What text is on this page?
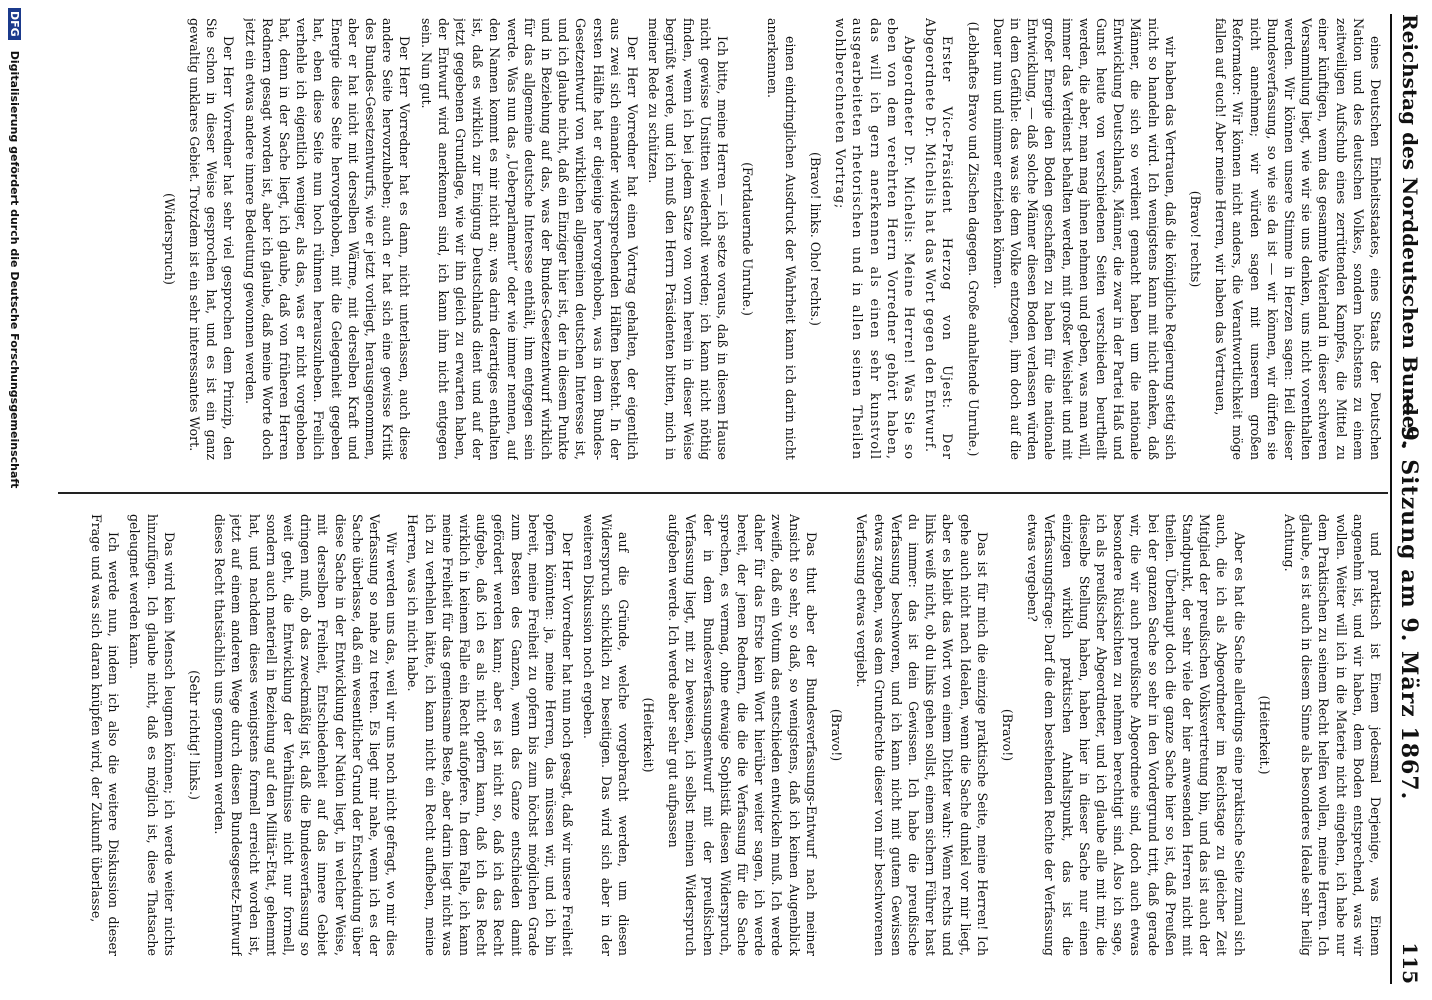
Reichstag des Norddeutschen Bundes.
— 9. Sitzung am 9. März 1867.
115

eines Deutschen Einheitsstaates, eines Staats der Deutschen Nation und des deutschen Volkes, sondern höchstens zu einem zeitweiligen Aufschub eines zerrüttenden Kampfes, die Mittel zu einer künftigen, wenn das gesammte Vaterland in dieser schweren Versammlung liegt, wie wir sie uns denken, uns nicht vorenthalten werden. Wir können unsere Stimme in Herzen sagen: Heil dieser Bundesverfassung, so wie sie da ist — wir können, wir dürfen sie nicht annehmen; wir würden sagen mit unserem großen Reformator: Wir können nicht anders, die Verantwortlichkeit möge fallen auf euch! Aber meine Herren, wir haben das Vertrauen,

(Bravo! rechts)

wir haben das Vertrauen, daß die königliche Regierung stetig sich nicht so handeln wird. Ich wenigstens kann mit nicht denken, daß Männer, die sich so verdient gemacht haben um die nationale Entwicklung Deutschlands, Männer, die zwar in der Partei Haß und Gunst heute von verschiedenen Seiten verschieden beurtheilt werden, die aber, man mag ihnen nehmen und geben, was man will, immer das Verdienst behalten werden, mit großer Weisheit und mit großer Energie den Boden geschaffen zu haben für die nationale Entwicklung, — daß solche Männer diesen Boden verlassen würden in dem Gefühle: das was sie dem Volke entzogen, ihm doch auf die Dauer nun und nimmer entziehen können.

(Lebhaftes Bravo und Zischen dagegen. Große anhaltende Unruhe.)

Erster Vice-Präsident Herzog von Ujest: Der Abgeordnete Dr. Michelis hat das Wort gegen den Entwurf.

Abgeordneter Dr. Michelis: Meine Herren! Was Sie so eben von dem verehrten Herrn Vorredner gehört haben, das will ich gern anerkennen als einen sehr kunstvoll ausgearbeiteten rhetorischen und in allen seinen Theilen wohlberechneten Vortrag;

(Bravo! links. Oho! rechts.)

einen eindringlichen Ausdruck der Wahrheit kann ich darin nicht anerkennen.

(Fortdauernde Unruhe.)

Ich bitte, meine Herren — ich setze voraus, daß in diesem Hause nicht gewisse Unsitten wiederholt werden; ich kann nicht nöthig finden, wenn ich bei jedem Satze von vorn herein in dieser Weise begrüßt werde, und ich muß den Herrn Präsidenten bitten, mich in meiner Rede zu schützen.

Der Herr Vorredner hat einen Vortrag gehalten, der eigentlich aus zwei sich einander widersprechenden Hälften besteht. In der ersten Hälfte hat er diejenige hervorgehoben, was in dem Bundes-Gesetzentwurf von wirklichen allgemeinen deutschen Interesse ist, und ich glaube nicht, daß ein Einziger hier ist, der in diesem Punkte und in Beziehung auf das, was der Bundes-Gesetzentwurf wirklich für das allgemeine deutsche Interesse enthält, ihm entgegen sein werde. Was nun das „Ueberparlament“ oder wie immer nennen, auf den Namen kommt es mir nicht an; was darin derartiges enthalten ist, daß es wirklich zur Einigung Deutschlands dient und auf der jetzt gegebenen Grundlage, wie wir ihn gleich zu erwarten haben, der Entwurf wird anerkennen sind, ich kann ihm nicht entgegen sein. Nun gut.

Der Herr Vorredner hat es dann, nicht unterlassen, auch diese andere Seite hervorzuheben; auch er hat sich eine gewisse Kritik des Bundes-Gesetzentwurfs, wie er jetzt vorliegt, herausgenommen, aber er hat nicht mit derselben Wärme, mit derselben Kraft und Energie diese Seite hervorgehoben, mit die Gelegenheit gegeben hat, eben diese Seite nun hoch rühmen herauszuheben. Freilich verhehle ich eigentlich weniger, als das, was er nicht vorgehoben hat, denn in der Sache liegt, ich glaube, daß von früheren Herren Rednern gesagt worden ist, aber ich glaube, daß meine Worte doch jetzt ein etwas andere innere Bedeutung gewonnen werden.

Der Herr Vorredner hat sehr viel gesprochen dem Prinzip, den Sie schon in dieser Weise gesprochen hat, und es ist ein ganz gewaltig unklares Gebiet. Trotzdem ist ein sehr interessantes Wort.

(Widerspruch)

und praktisch ist Einem jedesmal Derjenige, was Einem angenehm ist, und wir haben, dem Boden entsprechend, was wir wollen. Weiter will ich in die Materie nicht eingehen, ich habe nur dem Praktischen zu seinem Recht helfen wollen, meine Herren. Ich glaube, es ist auch in diesem Sinne als besonderes Ideale sehr heilig Achtung.

(Heiterkeit.)

Aber es hat die Sache allerdings eine praktische Seite zumal sich auch, die ich als Abgeordneter im Reichstage zu gleicher Zeit Mitglied der preußischen Volksvertretung bin, und das ist auch der Standpunkt, der sehr viele der hier anwesenden Herren nicht mit theilen. Überhaupt doch die ganze Sache hier so ist, daß Preußen bei der ganzen Sache so sehr in den Vordergrund tritt, daß gerade wir, die wir auch preußische Abgeordnete sind, doch auch etwas besondere Rücksichten zu nehmen berechtigt sind. Also ich sage, ich als preußischer Abgeordneter, und ich glaube alle mit mir, die dieselbe Stellung haben, haben hier in dieser Sache nur einen einzigen wirklich praktischen Anhaltspunkt, das ist die Verfassungsfrage: Darf die dem bestehenden Rechte der Verfassung etwas vergeben?

(Bravo!)

Das ist für mich die einzige praktische Seite, meine Herren! Ich gehe auch nicht nach Idealen, wenn die Sache dunkel vor mir liegt, aber es bleibt das Wort von einem Dichter wahr: Wenn rechts und links weiß nicht, ob du links gehen sollst, einem sichern Führer hast du immer: das ist dein Gewissen. Ich habe die preußische Verfassung beschworen, und ich kann nicht mit gutem Gewissen etwas zugeben, was dem Grundrechte dieser von mir beschworenen Verfassung etwas vergiebt.

(Bravo!)

Das thut aber der Bundesverfassungs-Entwurf nach meiner Ansicht so sehr, so daß, so wenigstens, daß ich keinen Augenblick zweifle, daß ein Votum das entschieden entwickeln muß. Ich werde daher für das Erste kein Wort hierüber weiter sagen, ich werde bereit, der jenen Rednern, die die die Verfassung für die Sache sprechen, es vermag, ohne etwaige Sophistik diesen Widerspruch, der in dem Bundesverfassungsentwurf mit der preußischen Verfassung liegt, mit zu beweisen, ich selbst meinen Widerspruch aufgeben werde. Ich werde aber sehr gut aufpassen

(Heiterkeit)

auf die Gründe, welche vorgebracht werden, um diesen Widerspruch schicklich zu beseitigen. Das wird sich aber in der weiteren Diskussion noch ergeben.

Der Herr Vorredner hat nun noch gesagt, daß wir unsere Freiheit opfern könnten: ja, meine Herren, das müssen wir, und ich bin bereit, meine Freiheit zu opfern bis zum höchst möglichen Grade zum Besten des Ganzen, wenn das Ganze entschieden damit gefördert werden kann; aber es ist nicht so, daß ich das Recht aufgebe, daß ich es als nicht opfern kann, daß ich das Recht wirklich in keinem Falle ein Recht aufopfere. In dem Falle, ich kann meine Freiheit für das gemeinsame Beste, aber darin liegt nicht was ich zu verhehlen hätte, ich kann nicht ein Recht aufheben, meine Herren, was ich nicht habe.

Wir werden uns das, weil wir uns noch nicht gefragt, wo mir dies Verfassung so nahe zu treten. Es liegt mir nahe, wenn ich es der Sache überlasse, daß ein wesentlicher Grund der Entscheidung über diese Sache in der Entwicklung der Nation liegt, in welcher Weise, mit derselben Freiheit, Entschiedenheit auf das innere Gebiet dringen muß, ob das zweckmäßig ist, daß die Bundesverfassung so weit geht, die Entwicklung der Verhältnisse nicht nur formell, sondern auch materiell in Beziehung auf den Militär-Etat, gehemmt hat, und nachdem dieses wenigstens formell erreicht worden ist, jetzt auf einem anderen Wege durch diesen Bundesgesetz-Entwurf dieses Recht thatsächlich uns genommen werden.

(Sehr richtig! links.)

Das wird kein Mensch leugnen können; ich werde weiter nichts hinzufügen. Ich glaube nicht, daß es möglich ist, diese Thatsache geleugnet werden kann.

Ich werde nun, indem ich also die weitere Diskussion dieser Frage und was sich daran knüpfen wird, der Zukunft überlasse,

DFG Digitalisierung gefördert durch die Deutsche Forschungsgemeinschaft
